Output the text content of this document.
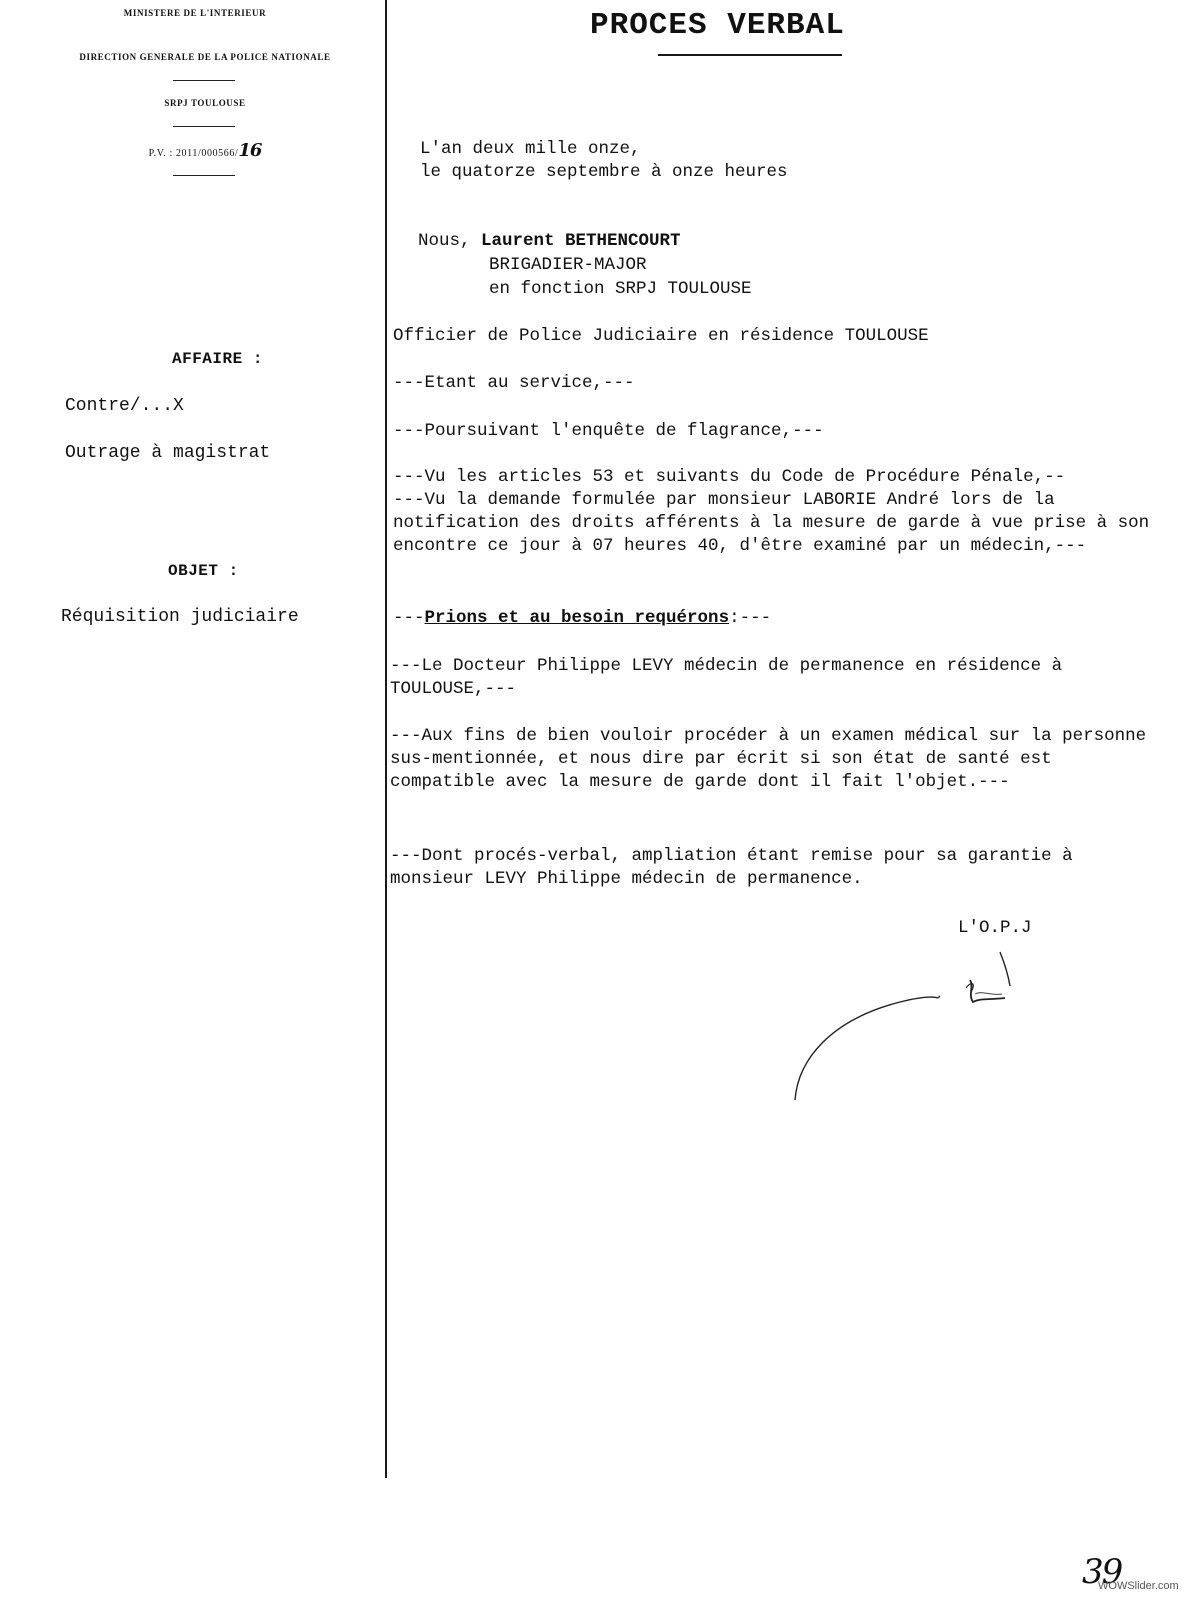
MINISTERE DE L'INTERIEUR
DIRECTION GENERALE DE LA POLICE NATIONALE
SRPJ TOULOUSE
P.V. : 2011/000566/16
AFFAIRE :
Contre/...X
Outrage à magistrat
OBJET :
Réquisition judiciaire
PROCES VERBAL
L'an deux mille onze,
le quatorze septembre à onze heures
Nous, Laurent BETHENCOURT
BRIGADIER-MAJOR
en fonction SRPJ TOULOUSE
Officier de Police Judiciaire en résidence TOULOUSE
---Etant au service,---
---Poursuivant l'enquête de flagrance,---
---Vu les articles 53 et suivants du Code de Procédure Pénale,--
---Vu la demande formulée par monsieur LABORIE André lors de la notification des droits afférents à la mesure de garde à vue prise à son encontre ce jour à 07 heures 40, d'être examiné par un médecin,---
---Prions et au besoin requérons:---
---Le Docteur Philippe LEVY médecin de permanence en résidence à TOULOUSE,---
---Aux fins de bien vouloir procéder à un examen médical sur la personne sus-mentionnée, et nous dire par écrit si son état de santé est compatible avec la mesure de garde dont il fait l'objet.---
---Dont procés-verbal, ampliation étant remise pour sa garantie à monsieur LEVY Philippe médecin de permanence.
L'O.P.J
39
WOWSlider.com
